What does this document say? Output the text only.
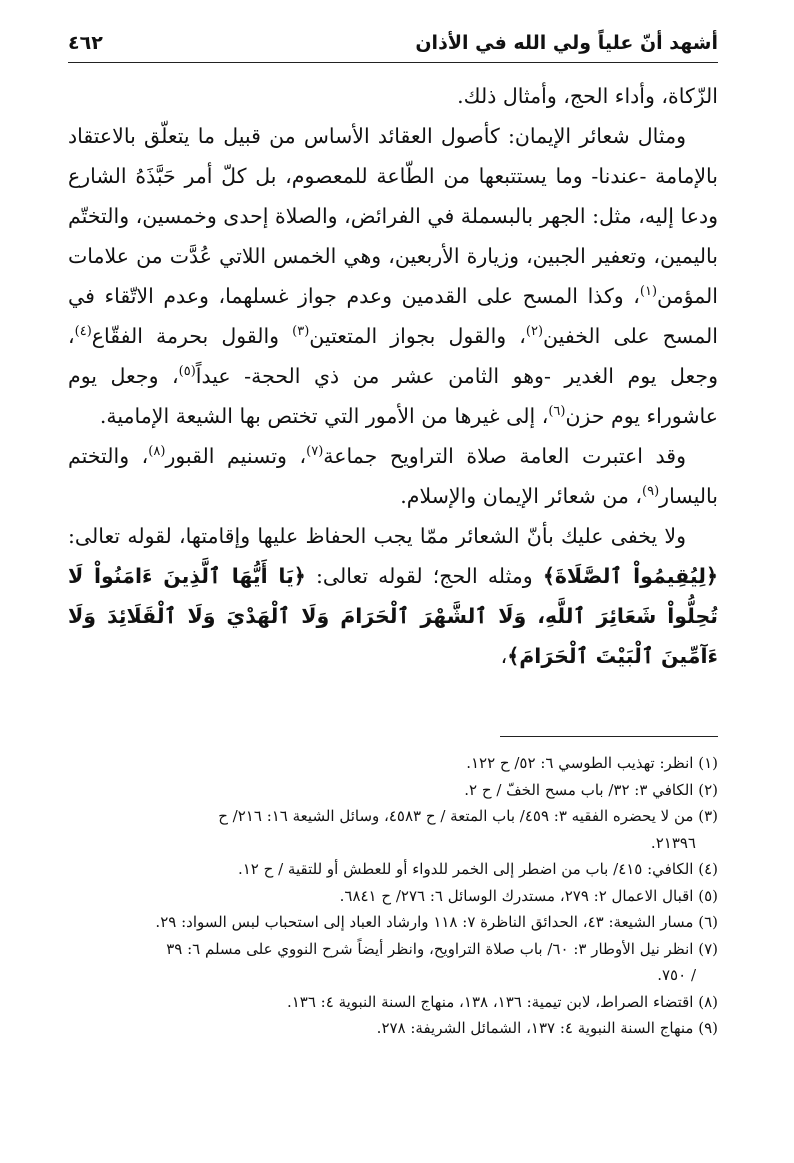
أشهد أنّ علياً ولي الله في الأذان
٤٦٢

الزّكاة، وأداء الحج، وأمثال ذلك.

ومثال شعائر الإيمان: كأصول العقائد الأساس من قبيل ما يتعلّق بالاعتقاد بالإمامة -عندنا- وما يستتبعها من الطّاعة للمعصوم، بل كلّ أمر حَبَّذَهُ الشارع ودعا إليه، مثل: الجهر بالبسملة في الفرائض، والصلاة إحدى وخمسين، والتختّم باليمين، وتعفير الجبين، وزيارة الأربعين، وهي الخمس اللاتي عُدَّت من علامات المؤمن$^{(١)}$، وكذا المسح على القدمين وعدم جواز غسلهما، وعدم الاتّقاء في المسح على الخفين$^{(٢)}$، والقول بجواز المتعتين$^{(٣)}$ والقول بحرمة الفقّاع$^{(٤)}$، وجعل يوم الغدير -وهو الثامن عشر من ذي الحجة- عيداً$^{(٥)}$، وجعل يوم عاشوراء يوم حزن$^{(٦)}$، إلى غيرها من الأمور التي تختص بها الشيعة الإمامية.

وقد اعتبرت العامة صلاة التراويح جماعة$^{(٧)}$، وتسنيم القبور$^{(٨)}$، والتختم باليسار$^{(٩)}$، من شعائر الإيمان والإسلام.

ولا يخفى عليك بأنّ الشعائر ممّا يجب الحفاظ عليها وإقامتها، لقوله تعالى: ﴿لِيُقِيمُواْ ٱلصَّلَاةَ﴾ ومثله الحج؛ لقوله تعالى: ﴿يَا أَيُّهَا ٱلَّذِينَ ءَامَنُواْ لَا تُحِلُّواْ شَعَائِرَ ٱللَّهِ، وَلَا ٱلشَّهْرَ ٱلْحَرَامَ وَلَا ٱلْهَدْيَ وَلَا ٱلْقَلَائِدَ وَلَا ءَآمِّينَ ٱلْبَيْتَ ٱلْحَرَامَ﴾،

(١) انظر: تهذيب الطوسي ٦: ٥٢/ ح ١٢٢.

(٢) الكافي ٣: ٣٢/ باب مسح الخفّ / ح ٢.

(٣) من لا يحضره الفقيه ٣: ٤٥٩/ باب المتعة / ح ٤٥٨٣، وسائل الشيعة ١٦: ٢١٦/ ح

٢١٣٩٦.

(٤) الكافي: ٤١٥/ باب من اضطر إلى الخمر للدواء أو للعطش أو للتقية / ح ١٢.

(٥) اقبال الاعمال ٢: ٢٧٩، مستدرك الوسائل ٦: ٢٧٦/ ح ٦٨٤١.

(٦) مسار الشيعة: ٤٣، الحدائق الناظرة ٧: ١١٨ وارشاد العباد إلى استحباب لبس السواد: ٢٩.

(٧) انظر نيل الأوطار ٣: ٦٠/ باب صلاة التراويح، وانظر أيضاً شرح النووي على مسلم ٦: ٣٩

/ ٧٥٠.

(٨) اقتضاء الصراط، لابن تيمية: ١٣٦، ١٣٨، منهاج السنة النبوية ٤: ١٣٦.

(٩) منهاج السنة النبوية ٤: ١٣٧، الشمائل الشريفة: ٢٧٨.
